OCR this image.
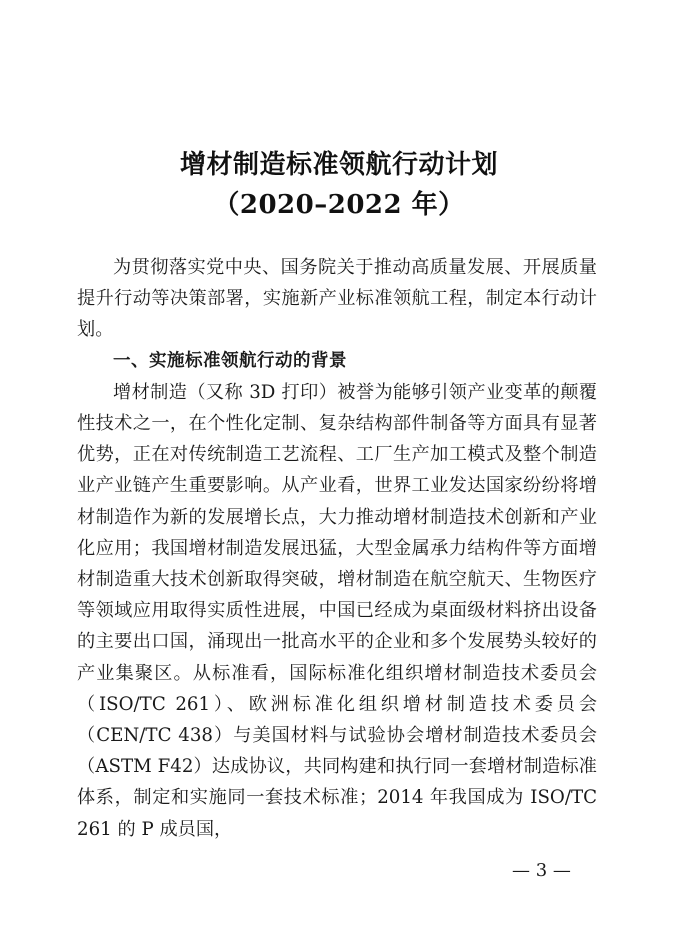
增材制造标准领航行动计划
（2020–2022 年）

为贯彻落实党中央、国务院关于推动高质量发展、开展质量提升行动等决策部署，实施新产业标准领航工程，制定本行动计划。

一、实施标准领航行动的背景

增材制造（又称 3D 打印）被誉为能够引领产业变革的颠覆性技术之一，在个性化定制、复杂结构部件制备等方面具有显著优势，正在对传统制造工艺流程、工厂生产加工模式及整个制造业产业链产生重要影响。从产业看，世界工业发达国家纷纷将增材制造作为新的发展增长点，大力推动增材制造技术创新和产业化应用；我国增材制造发展迅猛，大型金属承力结构件等方面增材制造重大技术创新取得突破，增材制造在航空航天、生物医疗等领域应用取得实质性进展，中国已经成为桌面级材料挤出设备的主要出口国，涌现出一批高水平的企业和多个发展势头较好的产业集聚区。从标准看，国际标准化组织增材制造技术委员会（ISO/TC 261）、欧洲标准化组织增材制造技术委员会（CEN/TC 438）与美国材料与试验协会增材制造技术委员会（ASTM F42）达成协议，共同构建和执行同一套增材制造标准体系，制定和实施同一套技术标准；2014 年我国成为 ISO/TC 261 的 P 成员国，

— 3 —
